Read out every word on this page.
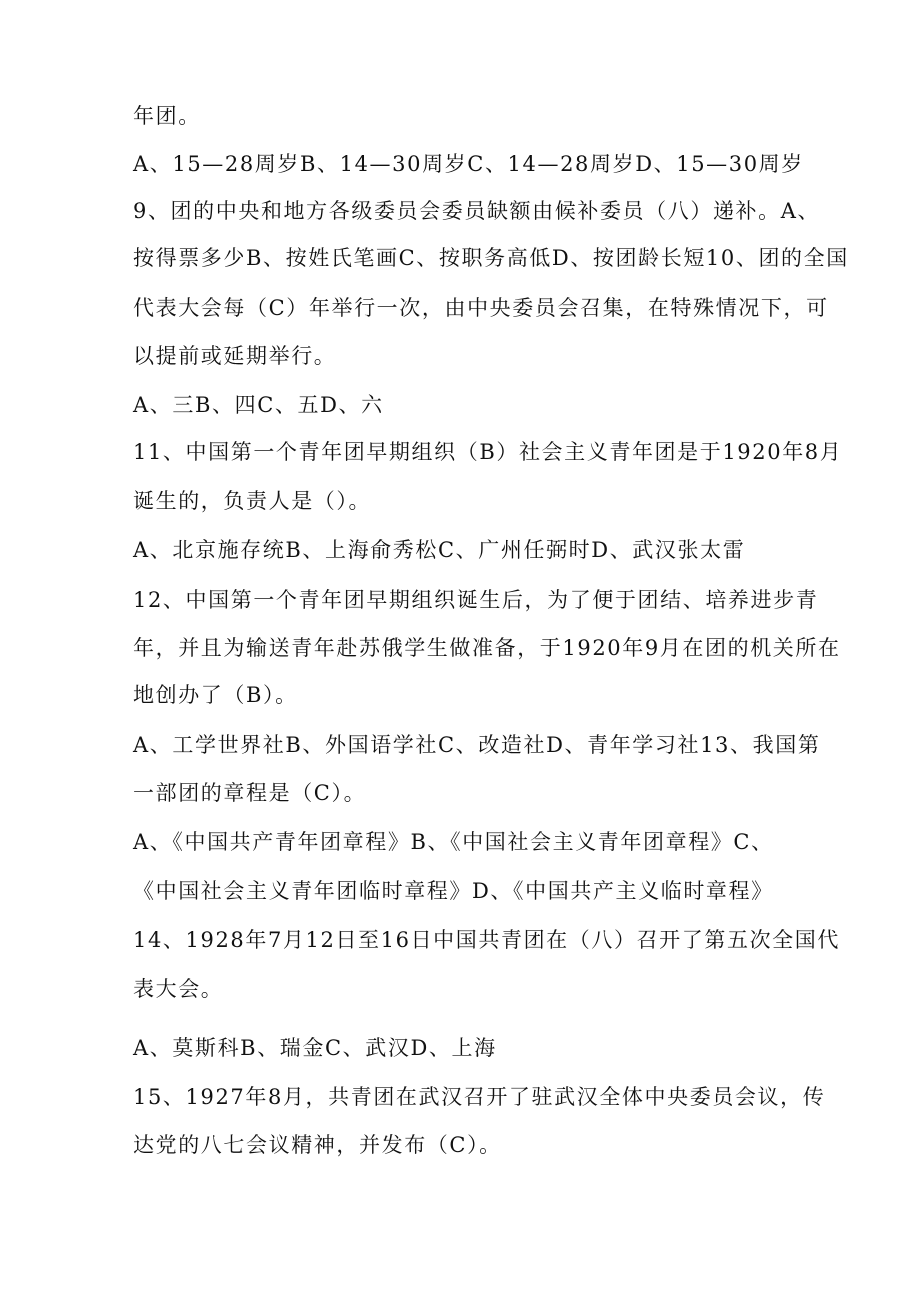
年团。
A、15—28周岁B、14—30周岁C、14—28周岁D、15—30周岁
9、团的中央和地方各级委员会委员缺额由候补委员（八）递补。A、
按得票多少B、按姓氏笔画C、按职务高低D、按团龄长短10、团的全国
代表大会每（C）年举行一次，由中央委员会召集，在特殊情况下，可
以提前或延期举行。
A、三B、四C、五D、六
11、中国第一个青年团早期组织（B）社会主义青年团是于1920年8月
诞生的，负责人是（）。
A、北京施存统B、上海俞秀松C、广州任弼时D、武汉张太雷
12、中国第一个青年团早期组织诞生后，为了便于团结、培养进步青
年，并且为输送青年赴苏俄学生做准备，于1920年9月在团的机关所在
地创办了（B）。
A、工学世界社B、外国语学社C、改造社D、青年学习社13、我国第
一部团的章程是（C）。
A、《中国共产青年团章程》B、《中国社会主义青年团章程》C、
《中国社会主义青年团临时章程》D、《中国共产主义临时章程》
14、1928年7月12日至16日中国共青团在（八）召开了第五次全国代
表大会。
A、莫斯科B、瑞金C、武汉D、上海
15、1927年8月，共青团在武汉召开了驻武汉全体中央委员会议，传
达党的八七会议精神，并发布（C）。
